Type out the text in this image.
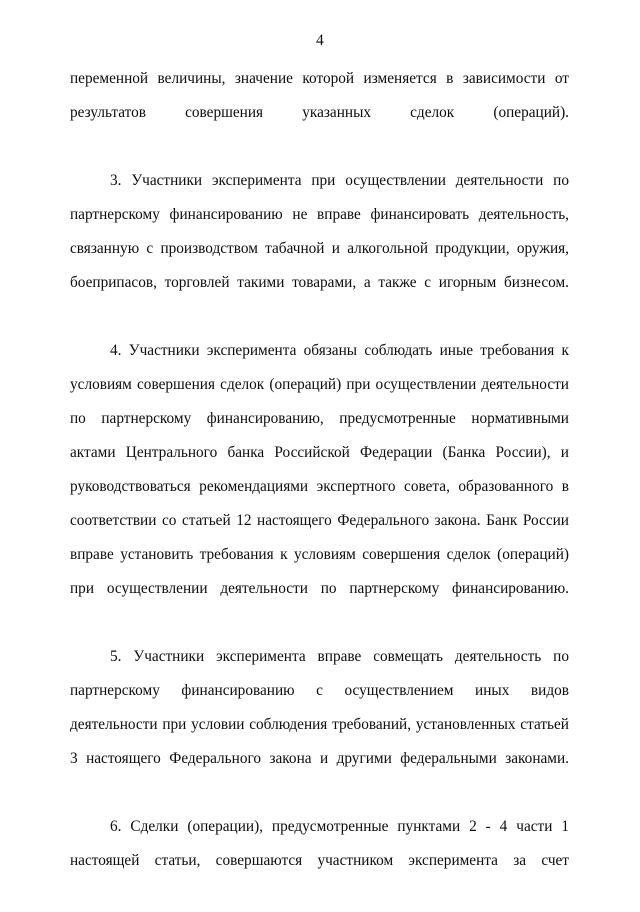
4

переменной величины, значение которой изменяется в зависимости от результатов совершения указанных сделок (операций).

3. Участники эксперимента при осуществлении деятельности по партнерскому финансированию не вправе финансировать деятельность, связанную с производством табачной и алкогольной продукции, оружия, боеприпасов, торговлей такими товарами, а также с игорным бизнесом.

4. Участники эксперимента обязаны соблюдать иные требования к условиям совершения сделок (операций) при осуществлении деятельности по партнерскому финансированию, предусмотренные нормативными актами Центрального банка Российской Федерации (Банка России), и руководствоваться рекомендациями экспертного совета, образованного в соответствии со статьей 12 настоящего Федерального закона. Банк России вправе установить требования к условиям совершения сделок (операций) при осуществлении деятельности по партнерскому финансированию.

5. Участники эксперимента вправе совмещать деятельность по партнерскому финансированию с осуществлением иных видов деятельности при условии соблюдения требований, установленных статьей 3 настоящего Федерального закона и другими федеральными законами.

6. Сделки (операции), предусмотренные пунктами 2 - 4 части 1 настоящей статьи, совершаются участником эксперимента за счет
